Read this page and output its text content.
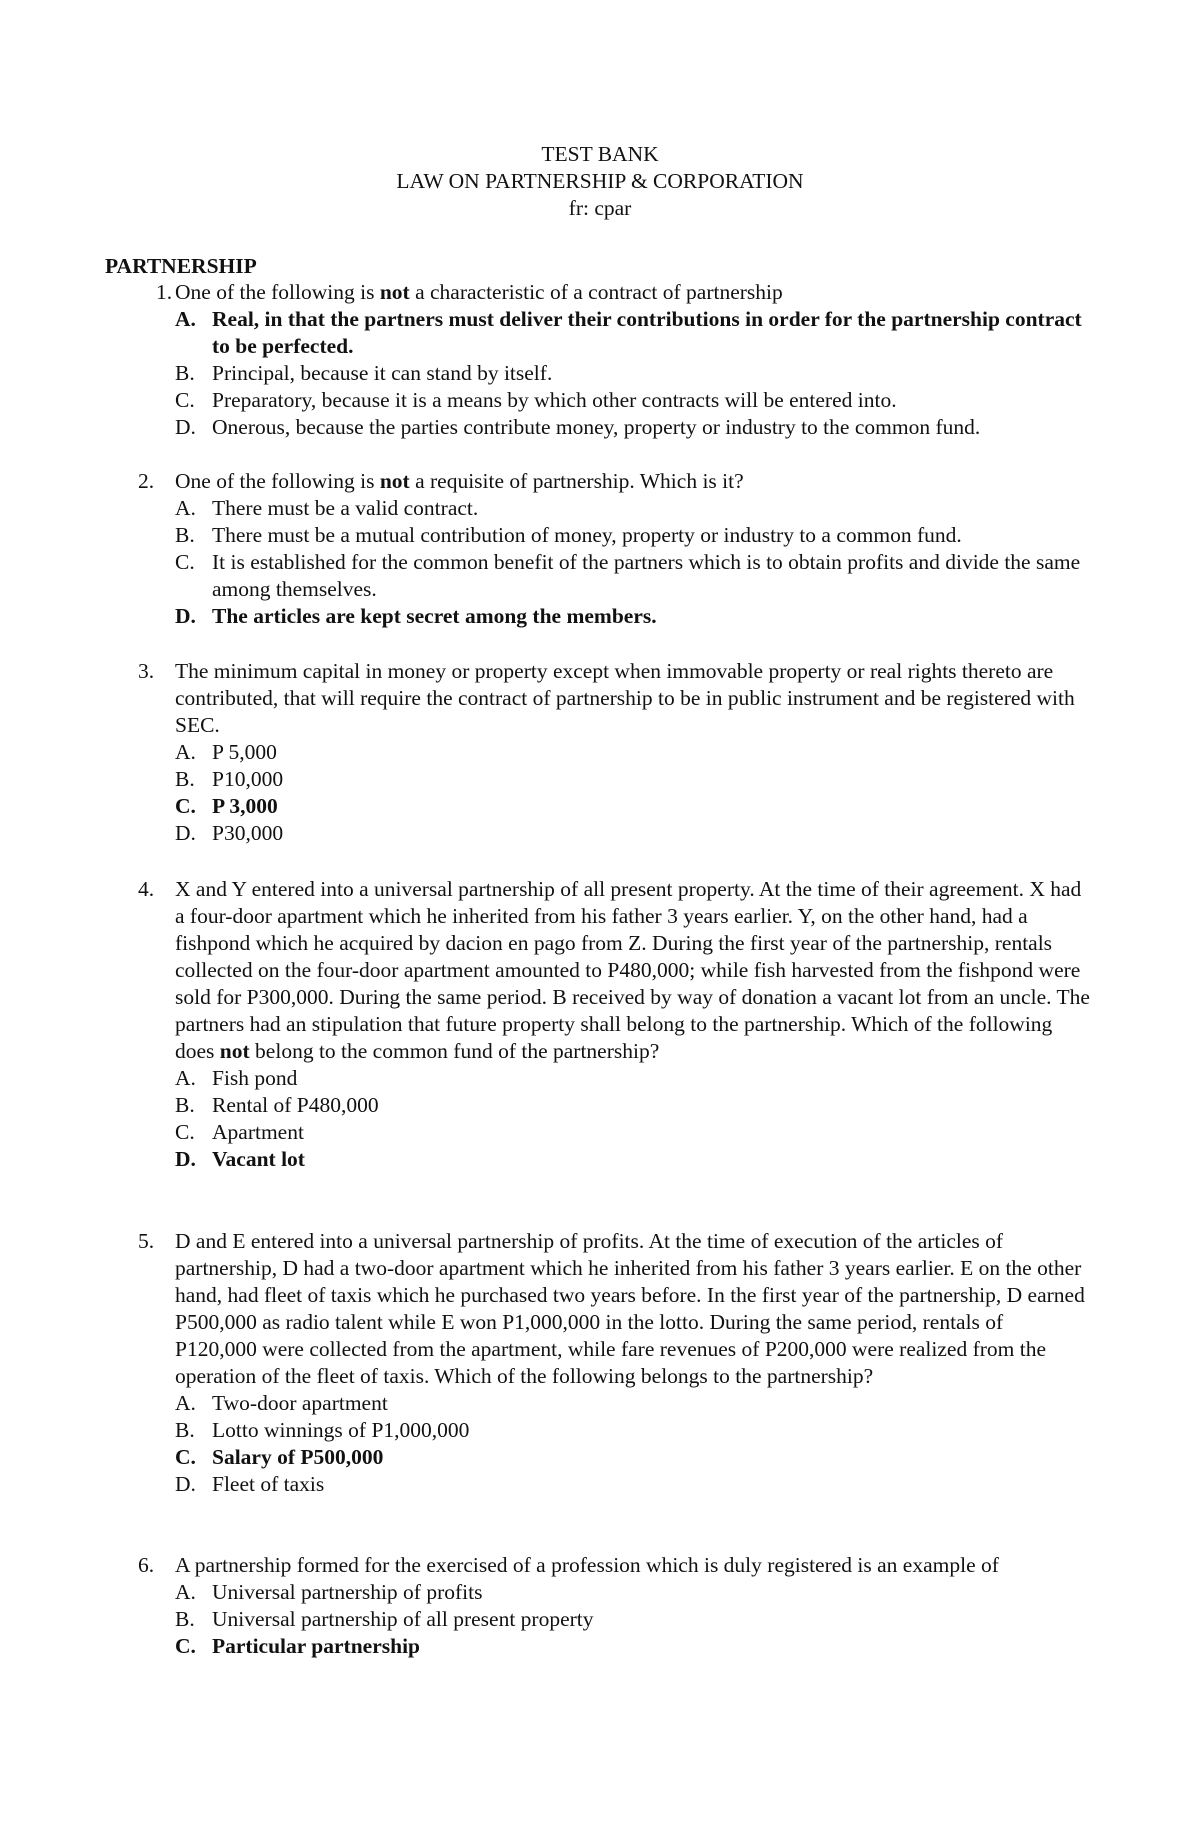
TEST BANK
LAW ON PARTNERSHIP & CORPORATION
fr: cpar
PARTNERSHIP
1. One of the following is not a characteristic of a contract of partnership
A. Real, in that the partners must deliver their contributions in order for the partnership contract to be perfected.
B. Principal, because it can stand by itself.
C. Preparatory, because it is a means by which other contracts will be entered into.
D. Onerous, because the parties contribute money, property or industry to the common fund.
2. One of the following is not a requisite of partnership. Which is it?
A. There must be a valid contract.
B. There must be a mutual contribution of money, property or industry to a common fund.
C. It is established for the common benefit of the partners which is to obtain profits and divide the same among themselves.
D. The articles are kept secret among the members.
3. The minimum capital in money or property except when immovable property or real rights thereto are contributed, that will require the contract of partnership to be in public instrument and be registered with SEC.
A. P 5,000
B. P10,000
C. P 3,000
D. P30,000
4. X and Y entered into a universal partnership of all present property. At the time of their agreement. X had a four-door apartment which he inherited from his father 3 years earlier. Y, on the other hand, had a fishpond which he acquired by dacion en pago from Z. During the first year of the partnership, rentals collected on the four-door apartment amounted to P480,000; while fish harvested from the fishpond were sold for P300,000. During the same period. B received by way of donation a vacant lot from an uncle. The partners had an stipulation that future property shall belong to the partnership. Which of the following does not belong to the common fund of the partnership?
A. Fish pond
B. Rental of P480,000
C. Apartment
D. Vacant lot
5. D and E entered into a universal partnership of profits. At the time of execution of the articles of partnership, D had a two-door apartment which he inherited from his father 3 years earlier. E on the other hand, had fleet of taxis which he purchased two years before. In the first year of the partnership, D earned P500,000 as radio talent while E won P1,000,000 in the lotto. During the same period, rentals of P120,000 were collected from the apartment, while fare revenues of P200,000 were realized from the operation of the fleet of taxis. Which of the following belongs to the partnership?
A. Two-door apartment
B. Lotto winnings of P1,000,000
C. Salary of P500,000
D. Fleet of taxis
6. A partnership formed for the exercised of a profession which is duly registered is an example of
A. Universal partnership of profits
B. Universal partnership of all present property
C. Particular partnership
